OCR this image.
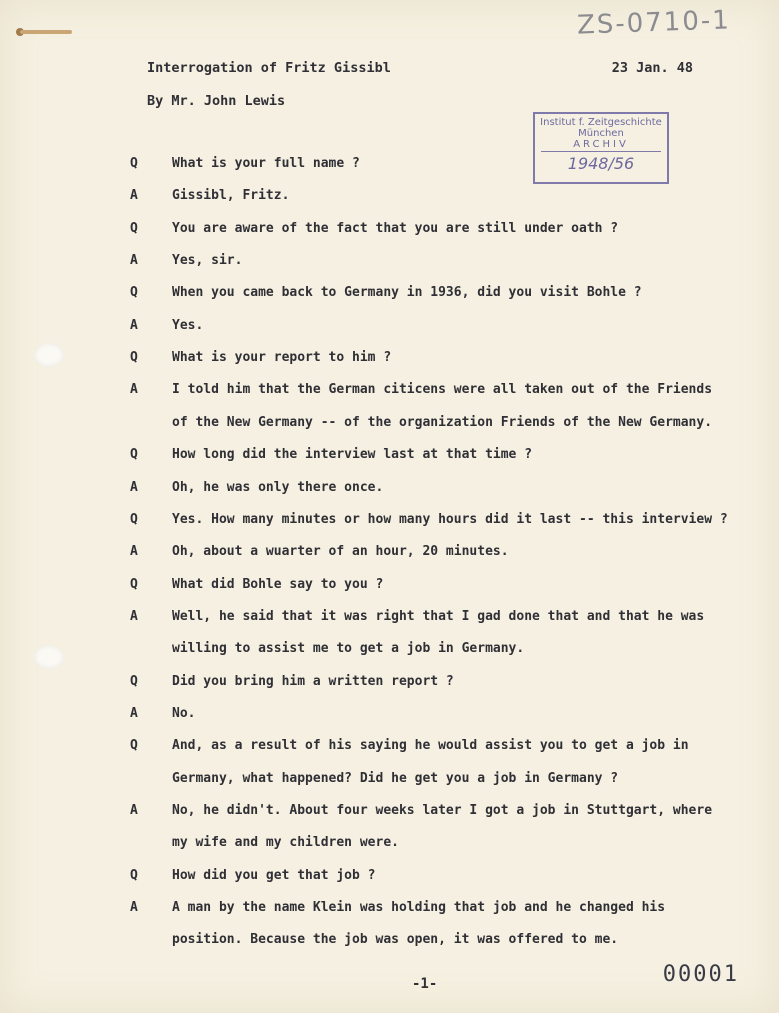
ZS-0710-1
Interrogation of Fritz Gissibl	23 Jan. 48
By Mr. John Lewis
Institut f. Zeitgeschichte
München
ARCHIV
1948/56
Q	What is your full name ?
A	Gissibl, Fritz.
Q	You are aware of the fact that you are still under oath ?
A	Yes, sir.
Q	When you came back to Germany in 1936, did you visit Bohle ?
A	Yes.
Q	What is your report to him ?
A	I told him that the German citicens were all taken out of the Friends
of the New Germany -- of the organization Friends of the New Germany.
Q	How long did the interview last at that time ?
A	Oh, he was only there once.
Q	Yes. How many minutes or how many hours did it last -- this interview ?
A	Oh, about a wuarter of an hour, 20 minutes.
Q	What did Bohle say to you ?
A	Well, he said that it was right that I gad done that and that he was
willing to assist me to get a job in Germany.
Q	Did you bring him a written report ?
A	No.
Q	And, as a result of his saying he would assist you to get a job in
Germany, what happened? Did he get you a job in Germany ?
A	No, he didn't. About four weeks later I got a job in Stuttgart, where
my wife and my children were.
Q	How did you get that job ?
A	A man by the name Klein was holding that job and he changed his
position. Because the job was open, it was offered to me.
-1-	00001
